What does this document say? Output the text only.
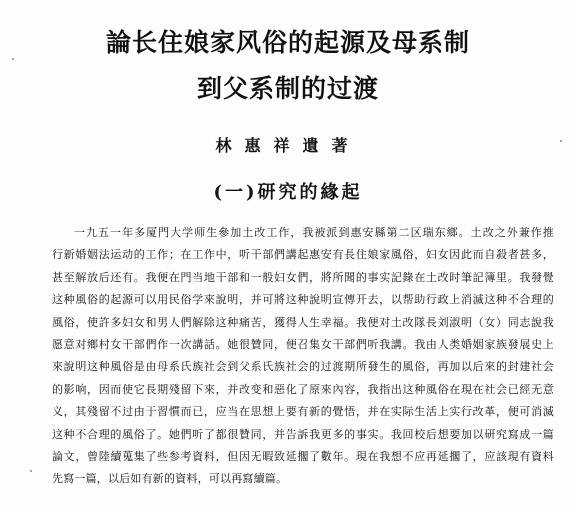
論长住娘家风俗的起源及母系制
到父系制的过渡

林惠祥遺著

(一)研究的緣起
一九五一年多厦門大学师生參加土改工作，我被派到惠安縣第二区瑞东鄉。土改之外兼作推
行新婚姻法运动的工作；在工作中，听干部們講起惠安有長住娘家風俗，妇女因此而自殺者甚多，
甚至解放后还有。我便在門当地干部和一般妇女們，將所聞的事实記錄在土改时筆記簿里。我發覺
这种風俗的起源可以用民俗学來說明，并可將这种說明宣傳开去，以帮助行政上消滅这种不合理的
風俗，使許多妇女和男人們解除这种痛苦，獲得人生幸福。我便对土改隊長刘淑明（女）同志說我
愿意对鄉村女干部們作一次講話。她很贊同，便召集女干部們听我講。我由人类婚姻家族發展史上
來說明这种風俗是由母系氏族社会到父系氏族社会的过渡期所發生的風俗，再加以后來的封建社会
的影响，因而使它長期殘留下來，并改变和惡化了原來內容，我指出这种風俗在現在社会已經无意
义，其殘留不过由于習慣而已，应当在思想上要有新的覺悟，并在实际生活上实行改革，便可消滅
这种不合理的風俗了。她們听了都很贊同，并告訴我更多的事实。我回校后想要加以研究寫成一篇
論文，曾陸續蒐集了些参考資料，但因无暇致延擱了數年。現在我想不应再延擱了，应該現有資料
先寫一篇，以后如有新的資料，可以再寫續篇。
